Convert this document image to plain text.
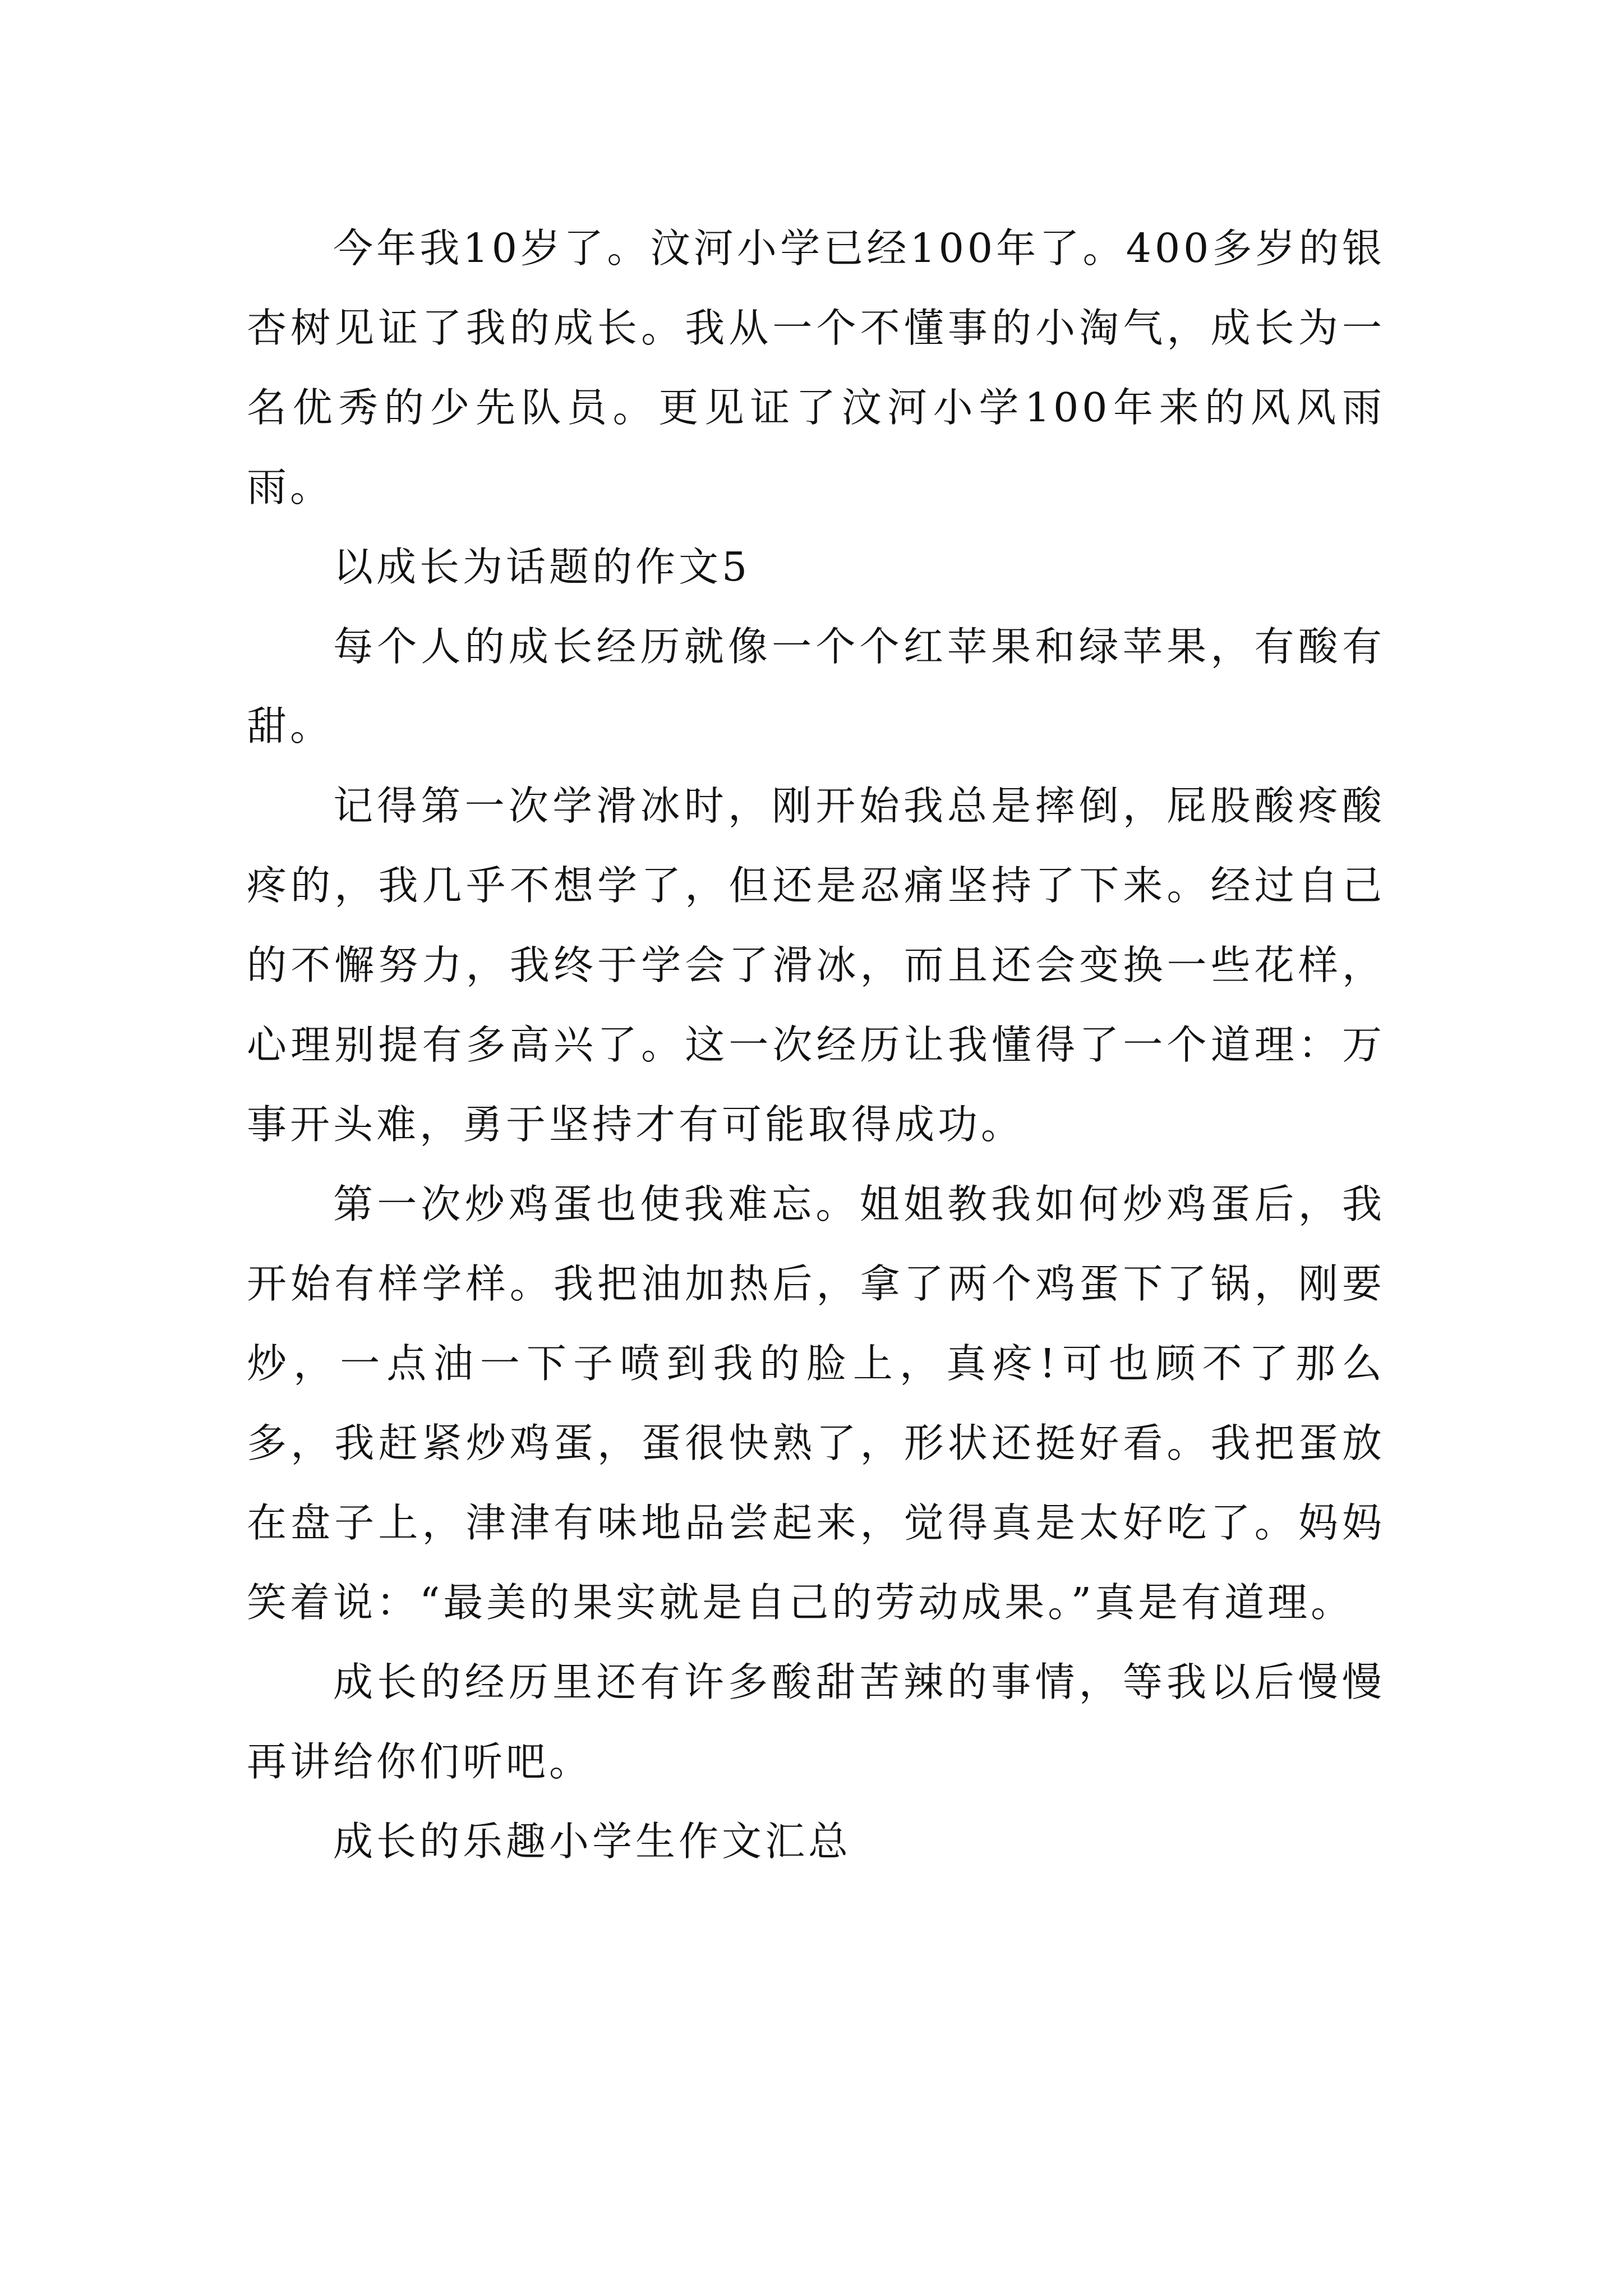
今年我10岁了。汶河小学已经100年了。400多岁的银杏树见证了我的成长。我从一个不懂事的小淘气，成长为一名优秀的少先队员。更见证了汶河小学100年来的风风雨雨。

以成长为话题的作文5

每个人的成长经历就像一个个红苹果和绿苹果，有酸有甜。

记得第一次学滑冰时，刚开始我总是摔倒，屁股酸疼酸疼的，我几乎不想学了，但还是忍痛坚持了下来。经过自己的不懈努力，我终于学会了滑冰，而且还会变换一些花样，心理别提有多高兴了。这一次经历让我懂得了一个道理：万事开头难，勇于坚持才有可能取得成功。

第一次炒鸡蛋也使我难忘。姐姐教我如何炒鸡蛋后，我开始有样学样。我把油加热后，拿了两个鸡蛋下了锅，刚要炒，一点油一下子喷到我的脸上，真疼!可也顾不了那么多，我赶紧炒鸡蛋，蛋很快熟了，形状还挺好看。我把蛋放在盘子上，津津有味地品尝起来，觉得真是太好吃了。妈妈笑着说：“最美的果实就是自己的劳动成果。”真是有道理。

成长的经历里还有许多酸甜苦辣的事情，等我以后慢慢再讲给你们听吧。

成长的乐趣小学生作文汇总
